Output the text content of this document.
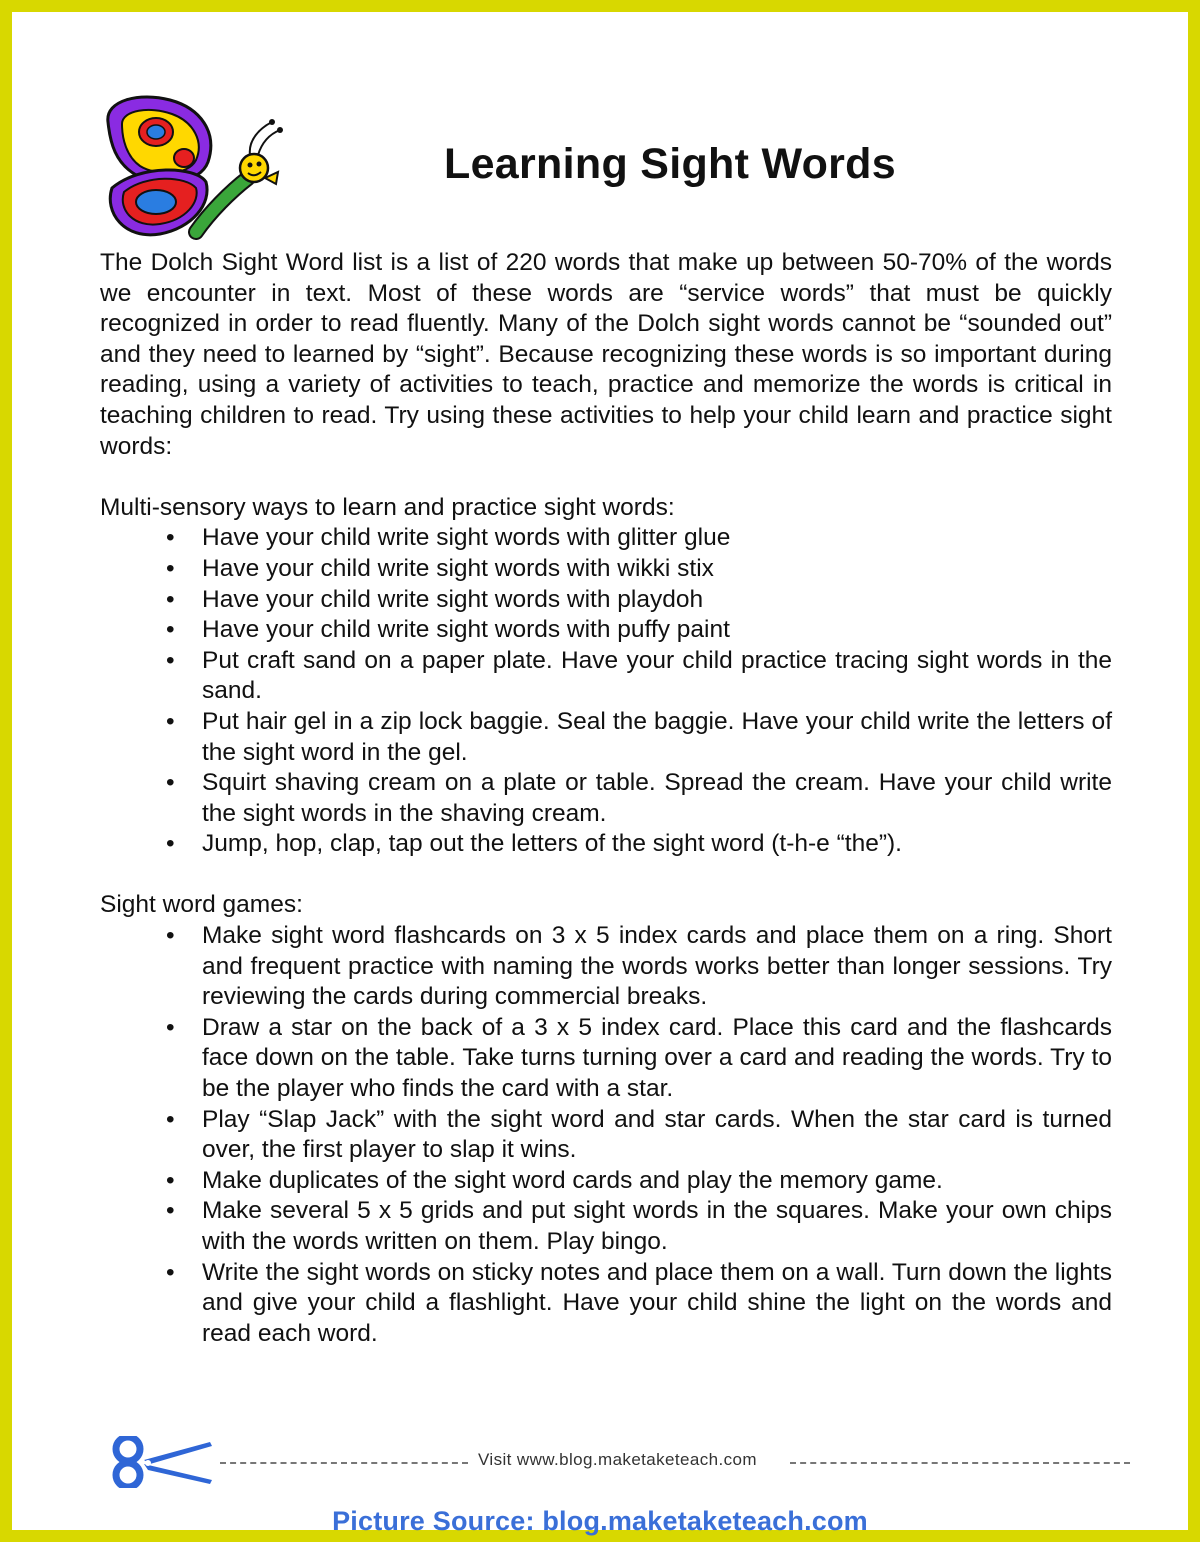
Learning Sight Words

The Dolch Sight Word list is a list of 220 words that make up between 50-70% of the words we encounter in text. Most of these words are “service words” that must be quickly recognized in order to read fluently. Many of the Dolch sight words cannot be “sounded out” and they need to learned by “sight”. Because recognizing these words is so important during reading, using a variety of activities to teach, practice and memorize the words is critical in teaching children to read. Try using these activities to help your child learn and practice sight words:

Multi-sensory ways to learn and practice sight words:

• Have your child write sight words with glitter glue
• Have your child write sight words with wikki stix
• Have your child write sight words with playdoh
• Have your child write sight words with puffy paint
• Put craft sand on a paper plate. Have your child practice tracing sight words in the sand.
• Put hair gel in a zip lock baggie. Seal the baggie. Have your child write the letters of the sight word in the gel.
• Squirt shaving cream on a plate or table. Spread the cream. Have your child write the sight words in the shaving cream.
• Jump, hop, clap, tap out the letters of the sight word (t-h-e “the”).

Sight word games:

• Make sight word flashcards on 3 x 5 index cards and place them on a ring. Short and frequent practice with naming the words works better than longer sessions. Try reviewing the cards during commercial breaks.
• Draw a star on the back of a 3 x 5 index card. Place this card and the flashcards face down on the table. Take turns turning over a card and reading the words. Try to be the player who finds the card with a star.
• Play “Slap Jack” with the sight word and star cards. When the star card is turned over, the first player to slap it wins.
• Make duplicates of the sight word cards and play the memory game.
• Make several 5 x 5 grids and put sight words in the squares. Make your own chips with the words written on them. Play bingo.
• Write the sight words on sticky notes and place them on a wall. Turn down the lights and give your child a flashlight. Have your child shine the light on the words and read each word.
Visit www.blog.maketaketeach.com
Picture Source: blog.maketaketeach.com
